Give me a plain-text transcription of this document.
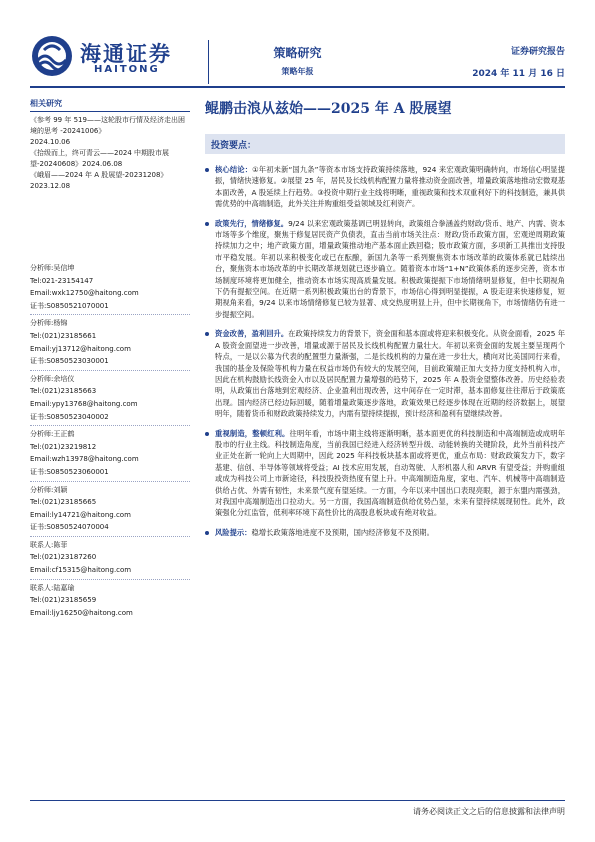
海通证券
HAITONG
策略研究
策略年报
证券研究报告
2024 年 11 月 16 日
相关研究
《参考 99 年 519——这轮股市行情及经济走出困境的思考 -20241006》
2024.10.06
《拾级而上，终可青云——2024 中期股市展望-20240608》2024.06.08
《峨眉——2024 年 A 股展望-20231208》
2023.12.08
分析师:吴信坤
Tel:021-23154147
Email:wxk12750@haitong.com
证书:S0850521070001
分析师:杨锦
Tel:(021)23185661
Email:yj13712@haitong.com
证书:S0850523030001
分析师:余培仪
Tel:(021)23185663
Email:ypy13768@haitong.com
证书:S0850523040002
分析师:王正鹤
Tel:(021)23219812
Email:wzh13978@haitong.com
证书:S0850523060001
分析师:刘颖
Tel:(021)23185665
Email:ly14721@haitong.com
证书:S0850524070004
联系人:陈菲
Tel:(021)23187260
Email:cf15315@haitong.com
联系人:陆嘉瑜
Tel:(021)23185659
Email:ljy16250@haitong.com
鲲鹏击浪从兹始——2025 年 A 股展望
投资要点：
核心结论：①年初未新“国九条”等资本市场支持政策持续落地，924 来宏观政策明确转向，市场信心明显提振，情绪快速修复。②展望 25 年，居民及长线机构配置力量将推动资金面改善，增量政策落地推动宏微观基本面改善，A 股延续上行趋势。③投资中期行业主线将明晰，重视政策和技术双重利好下的科技制造，兼具供需优势的中高端制造，此外关注并购重组受益领域及红利资产。
政策先行，情绪修复。9/24 以来宏观政策基调已明显转向，政策组合拳涵盖约财政/货币、地产、内需、资本市场等多个维度，聚焦于修复居民资产负债表，直击当前市场关注点：财政/货币政策方面，宏观逆周期政策持续加力之中；地产政策方面，增量政策推动地产基本面止跌回稳；股市政策方面，多项新工具推出支持股市平稳发展。年初以来积极变化或已在酝酿，新国九条等一系列聚焦资本市场改革的政策体系就已陆续出台，聚焦资本市场改革的中长期改革规划就已逐步确立。随着资本市场“1+N”政策体系的逐步完善，资本市场制度环境将更加健全，推动资本市场实现高质量发展。积极政策提振下市场情绪明显修复，但中长期视角下仍有提振空间。在近期一系列积极政策出台的背景下，市场信心得到明显提振，A 股走迎来快速修复，短期视角来看，9/24 以来市场情绪修复已较为显著、成交热度明显上升，但中长期视角下，市场情绪仍有进一步提振空间。
资金改善，盈利回升。在政策持续发力的背景下，资金面和基本面或将迎来积极变化。从资金面看，2025 年 A 股资金面望进一步改善，增量或源于居民及长线机构配置力量壮大。年初以来资金面的发展主要呈现两个特点，一是以公募为代表的配置型力量渐强，二是长线机构的力量在进一步壮大，横向对比美国同行来看，我国的基金及保险等机构力量在权益市场仍有较大的发展空间，目前政策端正加大支持力度支持机构入市，因此在机构鼓励长线资金入市以及居民配置力量增强的趋势下，2025 年 A 股资金望整体改善。历史经验表明，从政策出台落地到宏观经济、企业盈利出现改善，这中间存在一定时滞，基本面修复往往滞后于政策底出现。国内经济已经边际回暖，随着增量政策逐步落地，政策效果已经逐步体现在近期的经济数据上，展望明年，随着货币和财政政策持续发力，内需有望持续提振，预计经济和盈利有望继续改善。
重视制造，整顿红利。往明年看，市场中期主线将逐渐明晰，基本面更优的科技制造和中高端制造或成明年股市的行业主线。科技制造角度，当前我国已经进入经济转型升级、动能转换的关键阶段，此外当前科技产业正处在新一轮向上大周期中，因此 2025 年科技板块基本面或将更优，重点布局：财政政策发力下，数字基建、信创、半导体等领域将受益；AI 技术应用发展，自动驾驶、人形机器人和 ARVR 有望受益；并购重组或成为科技公司上市新途径，科技股投资热度有望上升。中高端制造角度，家电、汽车、机械等中高端制造供给占优、外需有韧性，未来景气度有望延续。一方面，今年以来中国出口表现亮眼，源于东盟内需强劲，对我国中高端制造出口拉动大。另一方面，我国高端制造供给优势凸显，未来有望持续展现韧性。此外，政策强化分红监管，低利率环境下高性价比的高股息板块或有绝对收益。
风险提示：稳增长政策落地进度不及预期，国内经济修复不及预期。
请务必阅读正文之后的信息披露和法律声明
